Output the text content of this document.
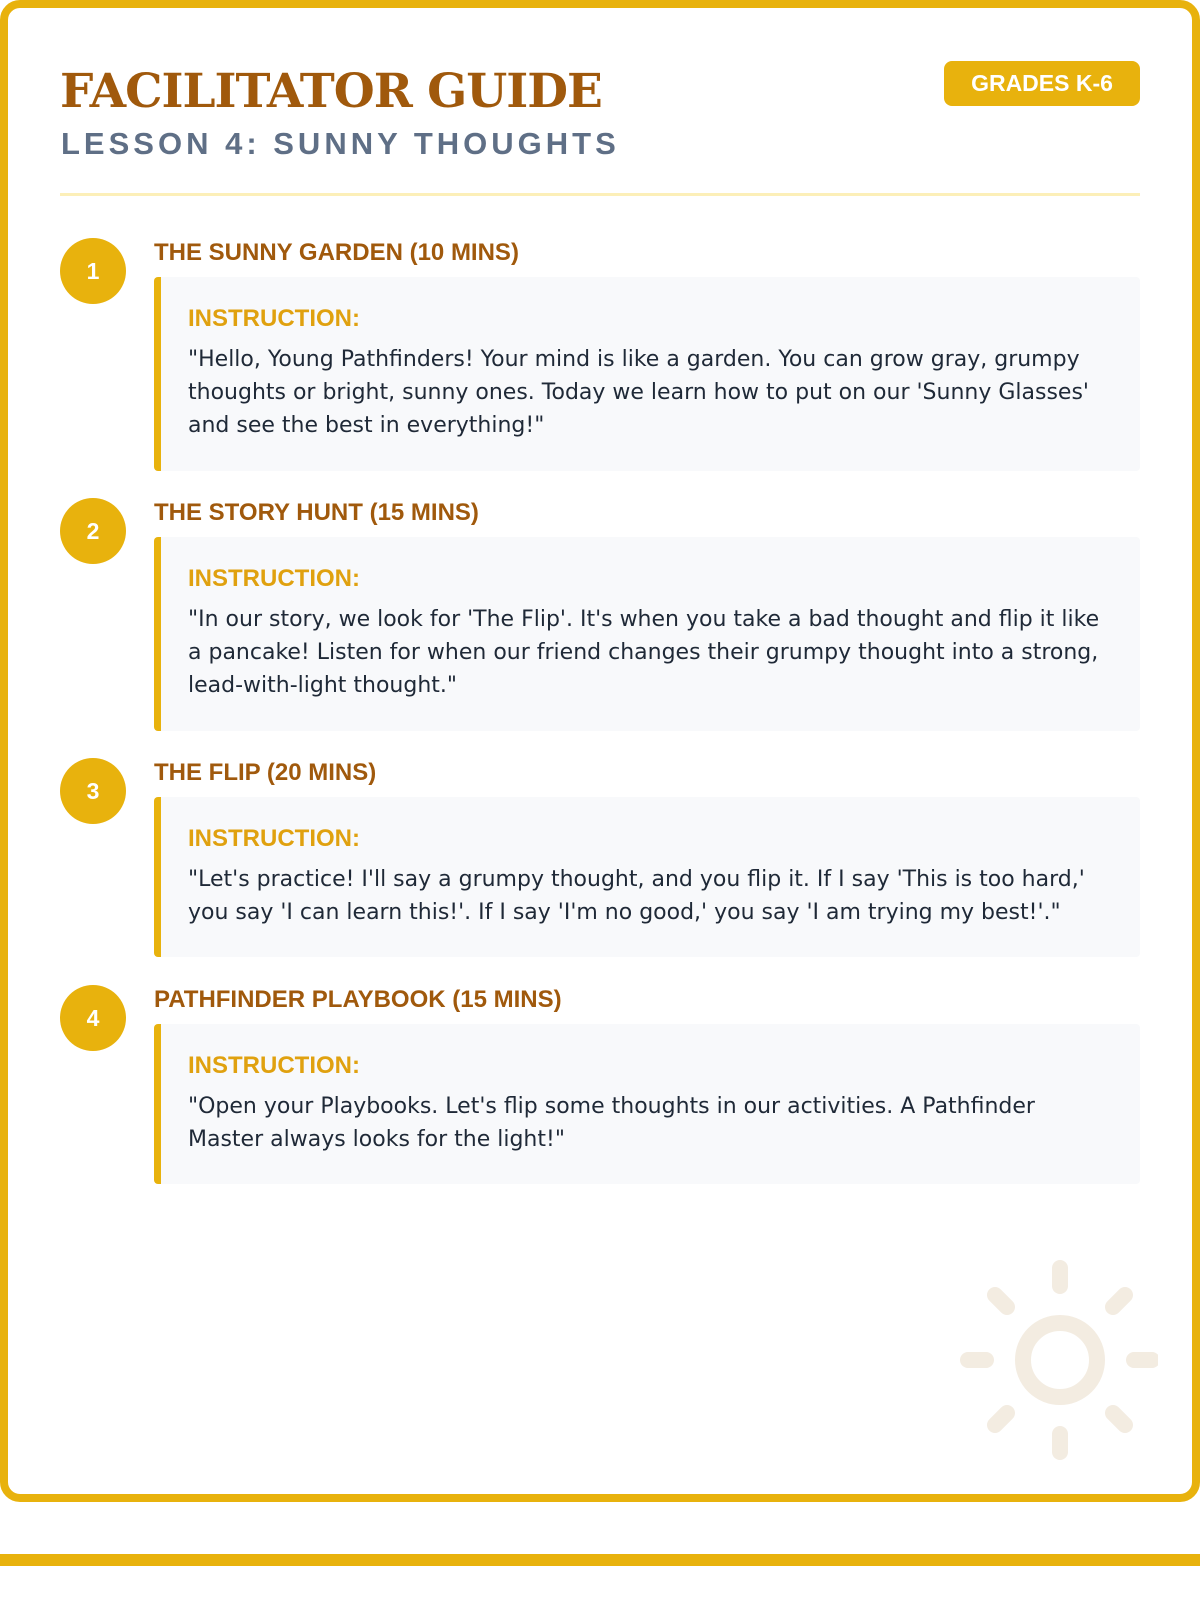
FACILITATOR GUIDE
LESSON 4: SUNNY THOUGHTS
GRADES K-6
1
THE SUNNY GARDEN (10 MINS)
INSTRUCTION:
"Hello, Young Pathfinders! Your mind is like a garden. You can grow gray, grumpy thoughts or bright, sunny ones. Today we learn how to put on our 'Sunny Glasses' and see the best in everything!"
2
THE STORY HUNT (15 MINS)
INSTRUCTION:
"In our story, we look for 'The Flip'. It's when you take a bad thought and flip it like a pancake! Listen for when our friend changes their grumpy thought into a strong, lead-with-light thought."
3
THE FLIP (20 MINS)
INSTRUCTION:
"Let's practice! I'll say a grumpy thought, and you flip it. If I say 'This is too hard,' you say 'I can learn this!'. If I say 'I'm no good,' you say 'I am trying my best!'."
4
PATHFINDER PLAYBOOK (15 MINS)
INSTRUCTION:
"Open your Playbooks. Let's flip some thoughts in our activities. A Pathfinder Master always looks for the light!"
